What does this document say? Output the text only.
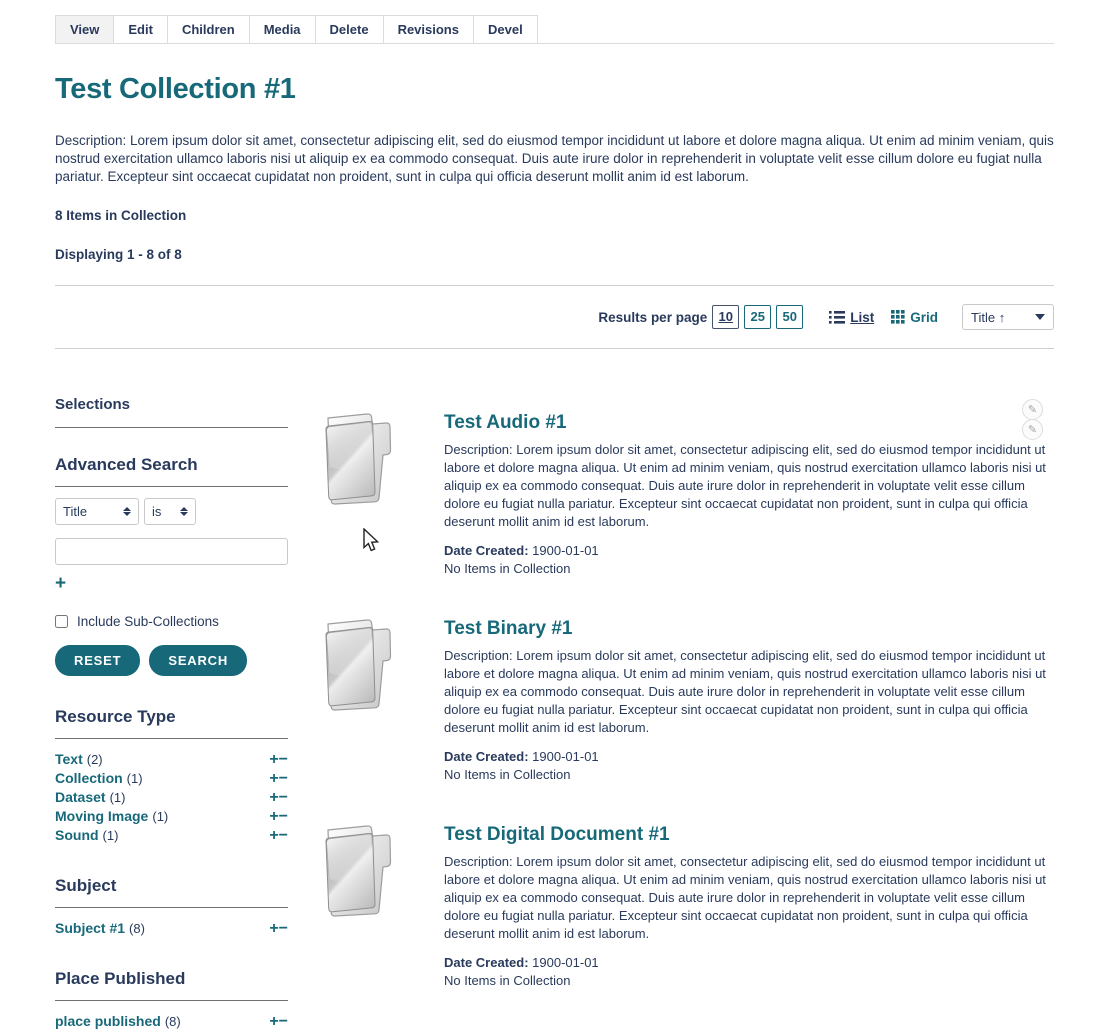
View	Edit	Children	Media	Delete	Revisions	Devel
Test Collection #1

Description: Lorem ipsum dolor sit amet, consectetur adipiscing elit, sed do eiusmod tempor incididunt ut labore et dolore magna aliqua. Ut enim ad minim veniam, quis nostrud exercitation ullamco laboris nisi ut aliquip ex ea commodo consequat. Duis aute irure dolor in reprehenderit in voluptate velit esse cillum dolore eu fugiat nulla pariatur. Excepteur sint occaecat cupidatat non proident, sunt in culpa qui officia deserunt mollit anim id est laborum.

8 Items in Collection
Displaying 1 - 8 of 8
Results per page 10	25	50	List	Grid	Title ↑
Selections
Advanced Search
Title	is
+
Include Sub-Collections
RESET	SEARCH
Resource Type
Text (2)	+−
Collection (1)	+−
Dataset (1)	+−
Moving Image (1)	+−
Sound (1)	+−
Subject
Subject #1 (8)	+−
Place Published
place published (8)	+−
✎
✎
Test Audio #1
Description: Lorem ipsum dolor sit amet, consectetur adipiscing elit, sed do eiusmod tempor incididunt ut labore et dolore magna aliqua. Ut enim ad minim veniam, quis nostrud exercitation ullamco laboris nisi ut aliquip ex ea commodo consequat. Duis aute irure dolor in reprehenderit in voluptate velit esse cillum dolore eu fugiat nulla pariatur. Excepteur sint occaecat cupidatat non proident, sunt in culpa qui officia deserunt mollit anim id est laborum.
Date Created: 1900-01-01
No Items in Collection
Test Binary #1
Description: Lorem ipsum dolor sit amet, consectetur adipiscing elit, sed do eiusmod tempor incididunt ut labore et dolore magna aliqua. Ut enim ad minim veniam, quis nostrud exercitation ullamco laboris nisi ut aliquip ex ea commodo consequat. Duis aute irure dolor in reprehenderit in voluptate velit esse cillum dolore eu fugiat nulla pariatur. Excepteur sint occaecat cupidatat non proident, sunt in culpa qui officia deserunt mollit anim id est laborum.
Date Created: 1900-01-01
No Items in Collection
Test Digital Document #1
Description: Lorem ipsum dolor sit amet, consectetur adipiscing elit, sed do eiusmod tempor incididunt ut labore et dolore magna aliqua. Ut enim ad minim veniam, quis nostrud exercitation ullamco laboris nisi ut aliquip ex ea commodo consequat. Duis aute irure dolor in reprehenderit in voluptate velit esse cillum dolore eu fugiat nulla pariatur. Excepteur sint occaecat cupidatat non proident, sunt in culpa qui officia deserunt mollit anim id est laborum.
Date Created: 1900-01-01
No Items in Collection
